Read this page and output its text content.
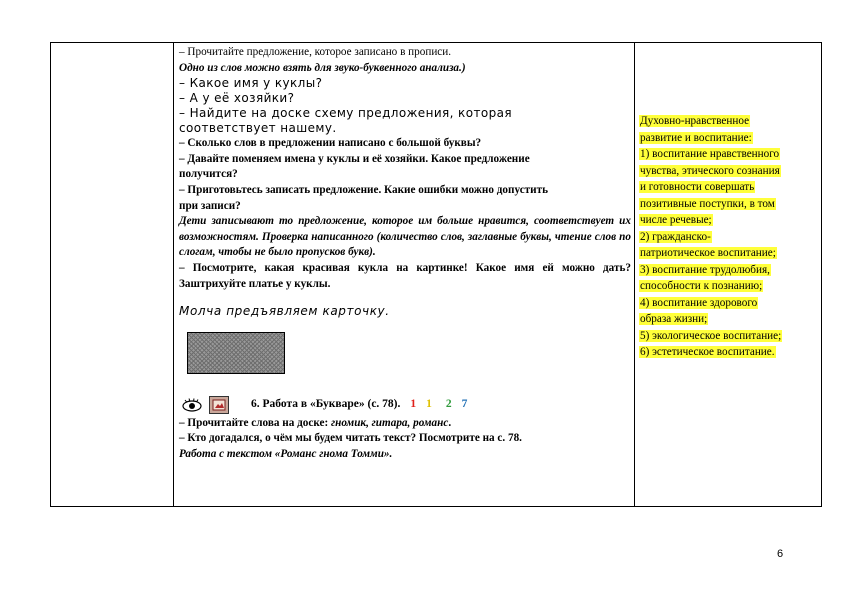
– Прочитайте предложение, которое записано в прописи.
Одно из слов можно взять для звуко-буквенного анализа.)
– Какое имя у куклы?
– А у её хозяйки?
– Найдите на доске схему предложения, которая
соответствует нашему.
– Сколько слов в предложении написано с большой буквы?
– Давайте поменяем имена у куклы и её хозяйки. Какое предложение
получится?
– Приготовьтесь записать предложение. Какие ошибки можно допустить
при записи?
Дети записывают то предложение, которое им больше нравится, соответствует их возможностям. Проверка написанного (количество слов, заглавные буквы, чтение слов по слогам, чтобы не было пропусков букв).
– Посмотрите, какая красивая кукла на картинке! Какое имя ей можно дать? Заштрихуйте платье у куклы.
Молча предъявляем карточку.
6. Работа в «Букваре» (с. 78). 1 1 2 7
– Прочитайте слова на доске: гномик, гитара, романс.
– Кто догадался, о чём мы будем читать текст? Посмотрите на с. 78.
Работа с текстом «Романс гнома Томми».
Духовно-нравственное
развитие и воспитание:
1) воспитание нравственного
чувства, этического сознания
и готовности совершать
позитивные поступки, в том
числе речевые;
2) гражданско-
патриотическое воспитание;
3) воспитание трудолюбия,
способности к познанию;
4) воспитание здорового
образа жизни;
5) экологическое воспитание;
6) эстетическое воспитание.
6
